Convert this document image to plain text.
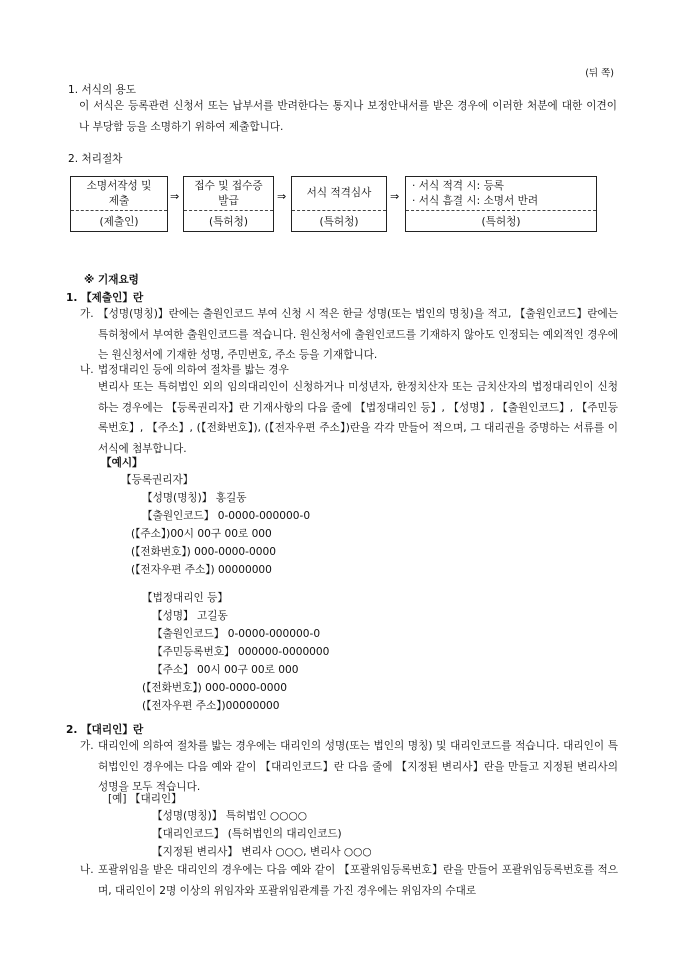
(뒤 쪽)
1. 서식의 용도
이 서식은 등록관련 신청서 또는 납부서를 반려한다는 통지나 보정안내서를 받은 경우에 이러한 처분에 대한 이견이나 부당함 등을 소명하기 위하여 제출합니다.
2. 처리절차
소명서작성 및
제출
(제출인)
⇒
접수 및 접수증
발급
(특허청)
⇒ 서식 적격심사
(특허청)
⇒
· 서식 적격 시: 등록
· 서식 흠결 시: 소명서 반려
(특허청)
※ 기재요령
1. 【제출인】란
가. 【성명(명칭)】란에는 출원인코드 부여 신청 시 적은 한글 성명(또는 법인의 명칭)을 적고, 【출원인코드】란에는 특허청에서 부여한 출원인코드를 적습니다. 원신청서에 출원인코드를 기재하지 않아도 인정되는 예외적인 경우에는 원신청서에 기재한 성명, 주민번호, 주소 등을 기재합니다.
나. 법정대리인 등에 의하여 절차를 밟는 경우
변리사 또는 특허법인 외의 임의대리인이 신청하거나 미성년자, 한정치산자 또는 금치산자의 법정대리인이 신청하는 경우에는 【등록권리자】란 기재사항의 다음 줄에 【법정대리인 등】, 【성명】, 【출원인코드】, 【주민등록번호】, 【주소】, (【전화번호】), (【전자우편 주소】)란을 각각 만들어 적으며, 그 대리권을 증명하는 서류를 이 서식에 첨부합니다.
【예시】
【등록권리자】
【성명(명칭)】 홍길동
【출원인코드】 0-0000-000000-0
(【주소】)00시 00구 00로 000
(【전화번호】) 000-0000-0000
(【전자우편 주소】) 00000000
【법정대리인 등】
【성명】 고길동
【출원인코드】 0-0000-000000-0
【주민등록번호】 000000-0000000
【주소】 00시 00구 00로 000
(【전화번호】) 000-0000-0000
(【전자우편 주소】)00000000
2. 【대리인】란
가. 대리인에 의하여 절차를 밟는 경우에는 대리인의 성명(또는 법인의 명칭) 및 대리인코드를 적습니다. 대리인이 특허법인인 경우에는 다음 예와 같이 【대리인코드】란 다음 줄에 【지정된 변리사】란을 만들고 지정된 변리사의 성명을 모두 적습니다.
[예] 【대리인】
【성명(명칭)】 특허법인 ○○○○
【대리인코드】 (특허법인의 대리인코드)
【지정된 변리사】 변리사 ○○○, 변리사 ○○○
나. 포괄위임을 받은 대리인의 경우에는 다음 예와 같이 【포괄위임등록번호】란을 만들어 포괄위임등록번호를 적으며, 대리인이 2명 이상의 위임자와 포괄위임관계를 가진 경우에는 위임자의 수대로
